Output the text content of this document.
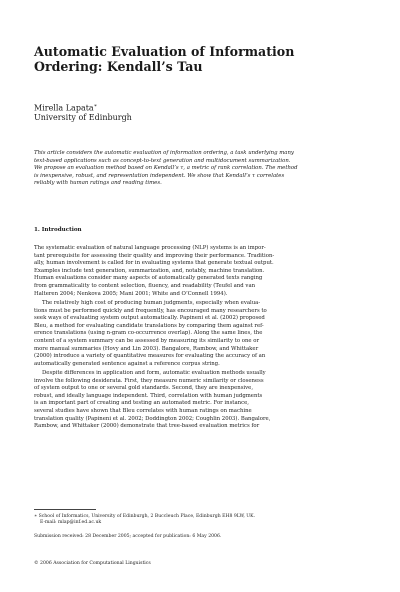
Automatic Evaluation of Information
Ordering: Kendall’s Tau
Mirella Lapata∗
University of Edinburgh

This article considers the automatic evaluation of information ordering, a task underlying many
text-based applications such as concept-to-text generation and multidocument summarization.
We propose an evaluation method based on Kendall’s τ, a metric of rank correlation. The method
is inexpensive, robust, and representation independent. We show that Kendall’s τ correlates
reliably with human ratings and reading times.

1. Introduction

The systematic evaluation of natural language processing (NLP) systems is an impor-
tant prerequisite for assessing their quality and improving their performance. Tradition-
ally, human involvement is called for in evaluating systems that generate textual output.
Examples include text generation, summarization, and, notably, machine translation.
Human evaluations consider many aspects of automatically generated texts ranging
from grammaticality to content selection, fluency, and readability (Teufel and van
Halteren 2004; Nenkova 2005; Mani 2001; White and O’Connell 1994).

The relatively high cost of producing human judgments, especially when evalua-
tions must be performed quickly and frequently, has encouraged many researchers to
seek ways of evaluating system output automatically. Papineni et al. (2002) proposed
Bleu, a method for evaluating candidate translations by comparing them against ref-
erence translations (using n-gram co-occurrence overlap). Along the same lines, the
content of a system summary can be assessed by measuring its similarity to one or
more manual summaries (Hovy and Lin 2003). Bangalore, Rambow, and Whittaker
(2000) introduce a variety of quantitative measures for evaluating the accuracy of an
automatically generated sentence against a reference corpus string.

Despite differences in application and form, automatic evaluation methods usually
involve the following desiderata. First, they measure numeric similarity or closeness
of system output to one or several gold standards. Second, they are inexpensive,
robust, and ideally language independent. Third, correlation with human judgments
is an important part of creating and testing an automated metric. For instance,
several studies have shown that Bleu correlates with human ratings on machine
translation quality (Papineni et al. 2002; Doddington 2002; Coughlin 2003). Bangalore,
Rambow, and Whittaker (2000) demonstrate that tree-based evaluation metrics for

∗ School of Informatics, University of Edinburgh, 2 Buccleuch Place, Edinburgh EH8 9LW, UK.
E-mail: mlap@inf.ed.ac.uk

Submission received: 28 December 2005; accepted for publication: 6 May 2006.
© 2006 Association for Computational Linguistics
